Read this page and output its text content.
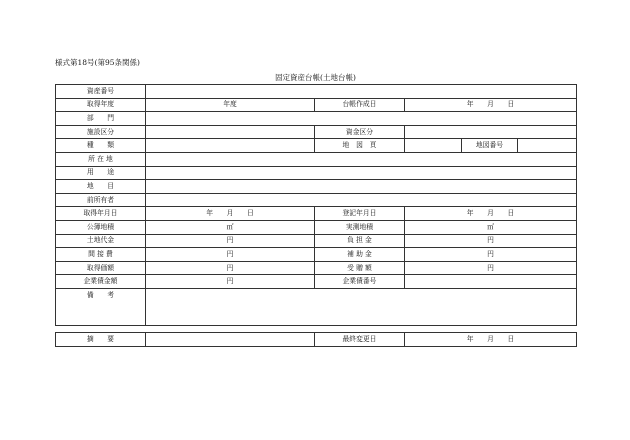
様式第18号(第95条関係)
固定資産台帳(土地台帳)
資産番号					
取得年度	年度	台帳作成日	年　　月　　日		
部　　門					
施設区分		資金区分			
種　　類		地　図　頁		地図番号	
所 在 地					
用　　途					
地　　目					
前所有者					
取得年月日	年　　月　　日	登記年月日	年　　月　　日		
公簿地積	㎡	実測地積	㎡		
土地代金	円	負 担 金	円		
間 接 費	円	補 助 金	円		
取得価額	円	受 贈 額	円		
企業債金額	円	企業債番号			
備　　考					

摘　　要		最終変更日	年　　月　　日		
